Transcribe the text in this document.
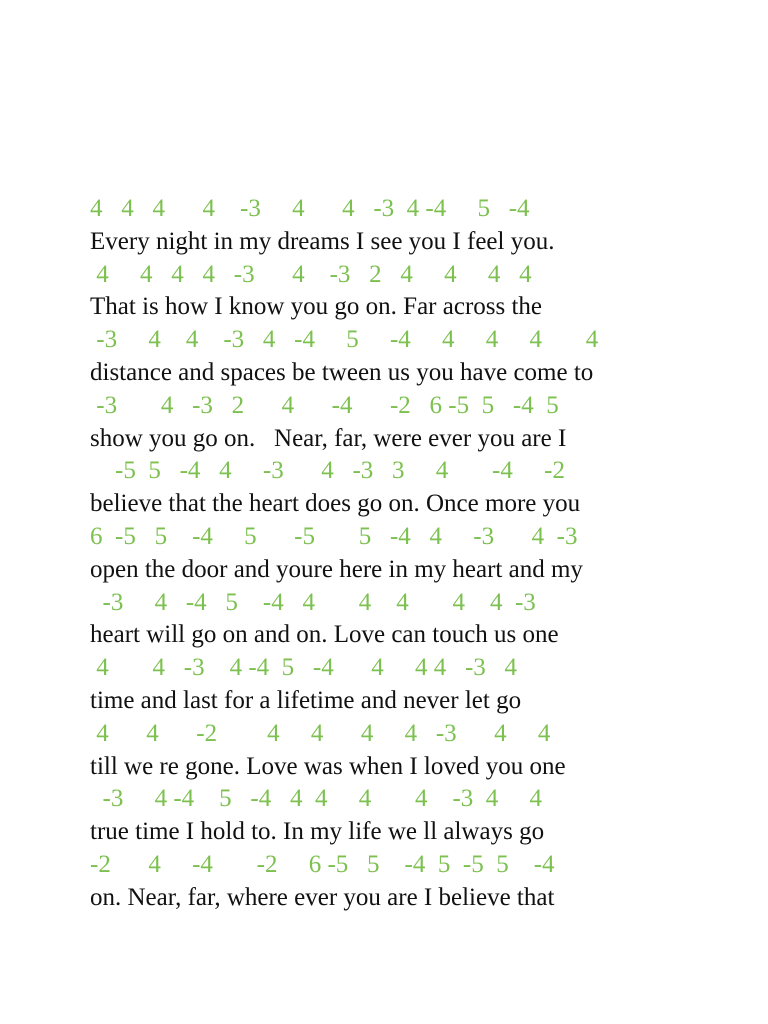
4   4   4      4    -3     4      4   -3  4 -4     5   -4
Every night in my dreams I see you I feel you.
4     4   4   4   -3      4    -3   2   4     4     4   4
That is how I know you go on. Far across the
-3     4    4    -3   4   -4     5     -4     4     4     4       4
distance and spaces be tween us you have come to
-3       4   -3   2      4      -4      -2   6 -5  5   -4  5
show you go on.   Near, far, were ever you are I
-5  5   -4   4     -3      4   -3   3     4       -4     -2
believe that the heart does go on. Once more you
6  -5   5    -4     5      -5       5   -4   4     -3      4  -3
open the door and youre here in my heart and my
-3     4   -4   5    -4   4       4    4       4    4  -3
heart will go on and on. Love can touch us one
4       4   -3    4 -4  5   -4      4     4 4   -3   4
time and last for a lifetime and never let go
4      4      -2        4     4      4     4   -3      4     4
till we re gone. Love was when I loved you one
-3     4 -4    5   -4   4  4     4       4    -3  4     4
true time I hold to. In my life we ll always go
-2      4     -4       -2     6 -5   5    -4  5  -5  5    -4
on. Near, far, where ever you are I believe that
